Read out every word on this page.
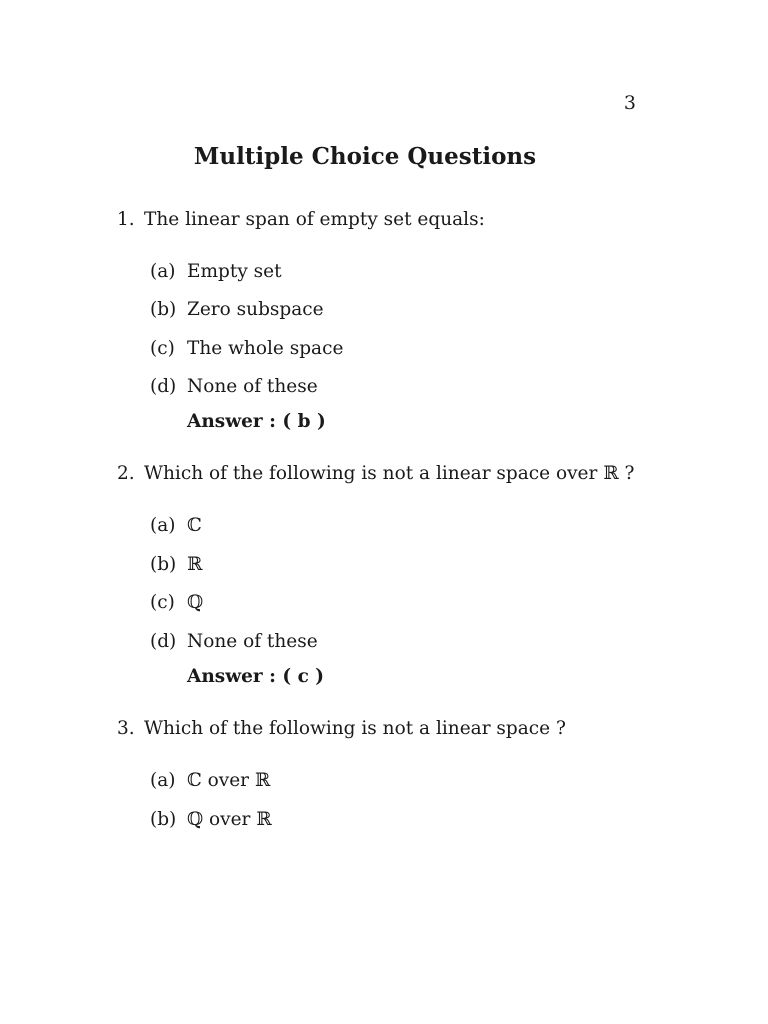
3
Multiple Choice Questions
1. The linear span of empty set equals:
(a) Empty set
(b) Zero subspace
(c) The whole space
(d) None of these
Answer : ( b )
2. Which of the following is not a linear space over ℝ ?
(a) ℂ
(b) ℝ
(c) ℚ
(d) None of these
Answer : ( c )
3. Which of the following is not a linear space ?
(a) ℂ over ℝ
(b) ℚ over ℝ
